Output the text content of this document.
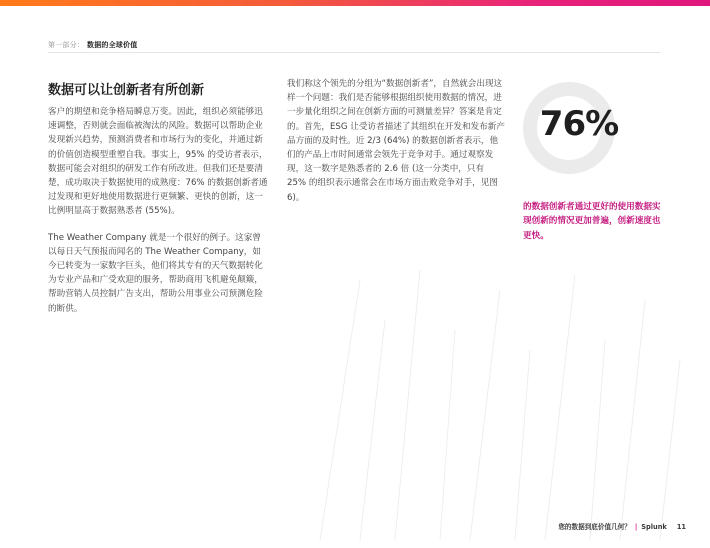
第一部分： 数据的全球价值
数据可以让创新者有所创新

客户的期望和竞争格局瞬息万变。因此，组织必须能够迅速调整，否则就会面临被淘汰的风险。数据可以帮助企业发现新兴趋势，预测消费者和市场行为的变化，并通过新的价值创造模型重塑自我。事实上，95% 的受访者表示，数据可能会对组织的研发工作有所改进。但我们还是要清楚，成功取决于数据使用的成熟度：76% 的数据创新者通过发现和更好地使用数据进行更频繁、更快的创新，这一比例明显高于数据熟悉者 (55%)。

The Weather Company 就是一个很好的例子。这家曾以每日天气预报而闻名的 The Weather Company，如今已转变为一家数字巨头，他们将其专有的天气数据转化为专业产品和广受欢迎的服务，帮助商用飞机避免颠簸，帮助营销人员控制广告支出，帮助公用事业公司预测危险的断供。

我们称这个领先的分组为“数据创新者”，自然就会出现这样一个问题：我们是否能够根据组织使用数据的情况，进一步量化组织之间在创新方面的可测量差异？答案是肯定的。首先，ESG 让受访者描述了其组织在开发和发布新产品方面的及时性。近 2/3 (64%) 的数据创新者表示，他们的产品上市时间通常会领先于竞争对手。通过观察发现，这一数字是熟悉者的 2.6 倍 (这一分类中，只有 25% 的组织表示通常会在市场方面击败竞争对手，见图 6)。

76%
的数据创新者通过更好的使用数据实现创新的情况更加普遍，创新速度也更快。
您的数据到底价值几何？ | Splunk 11
